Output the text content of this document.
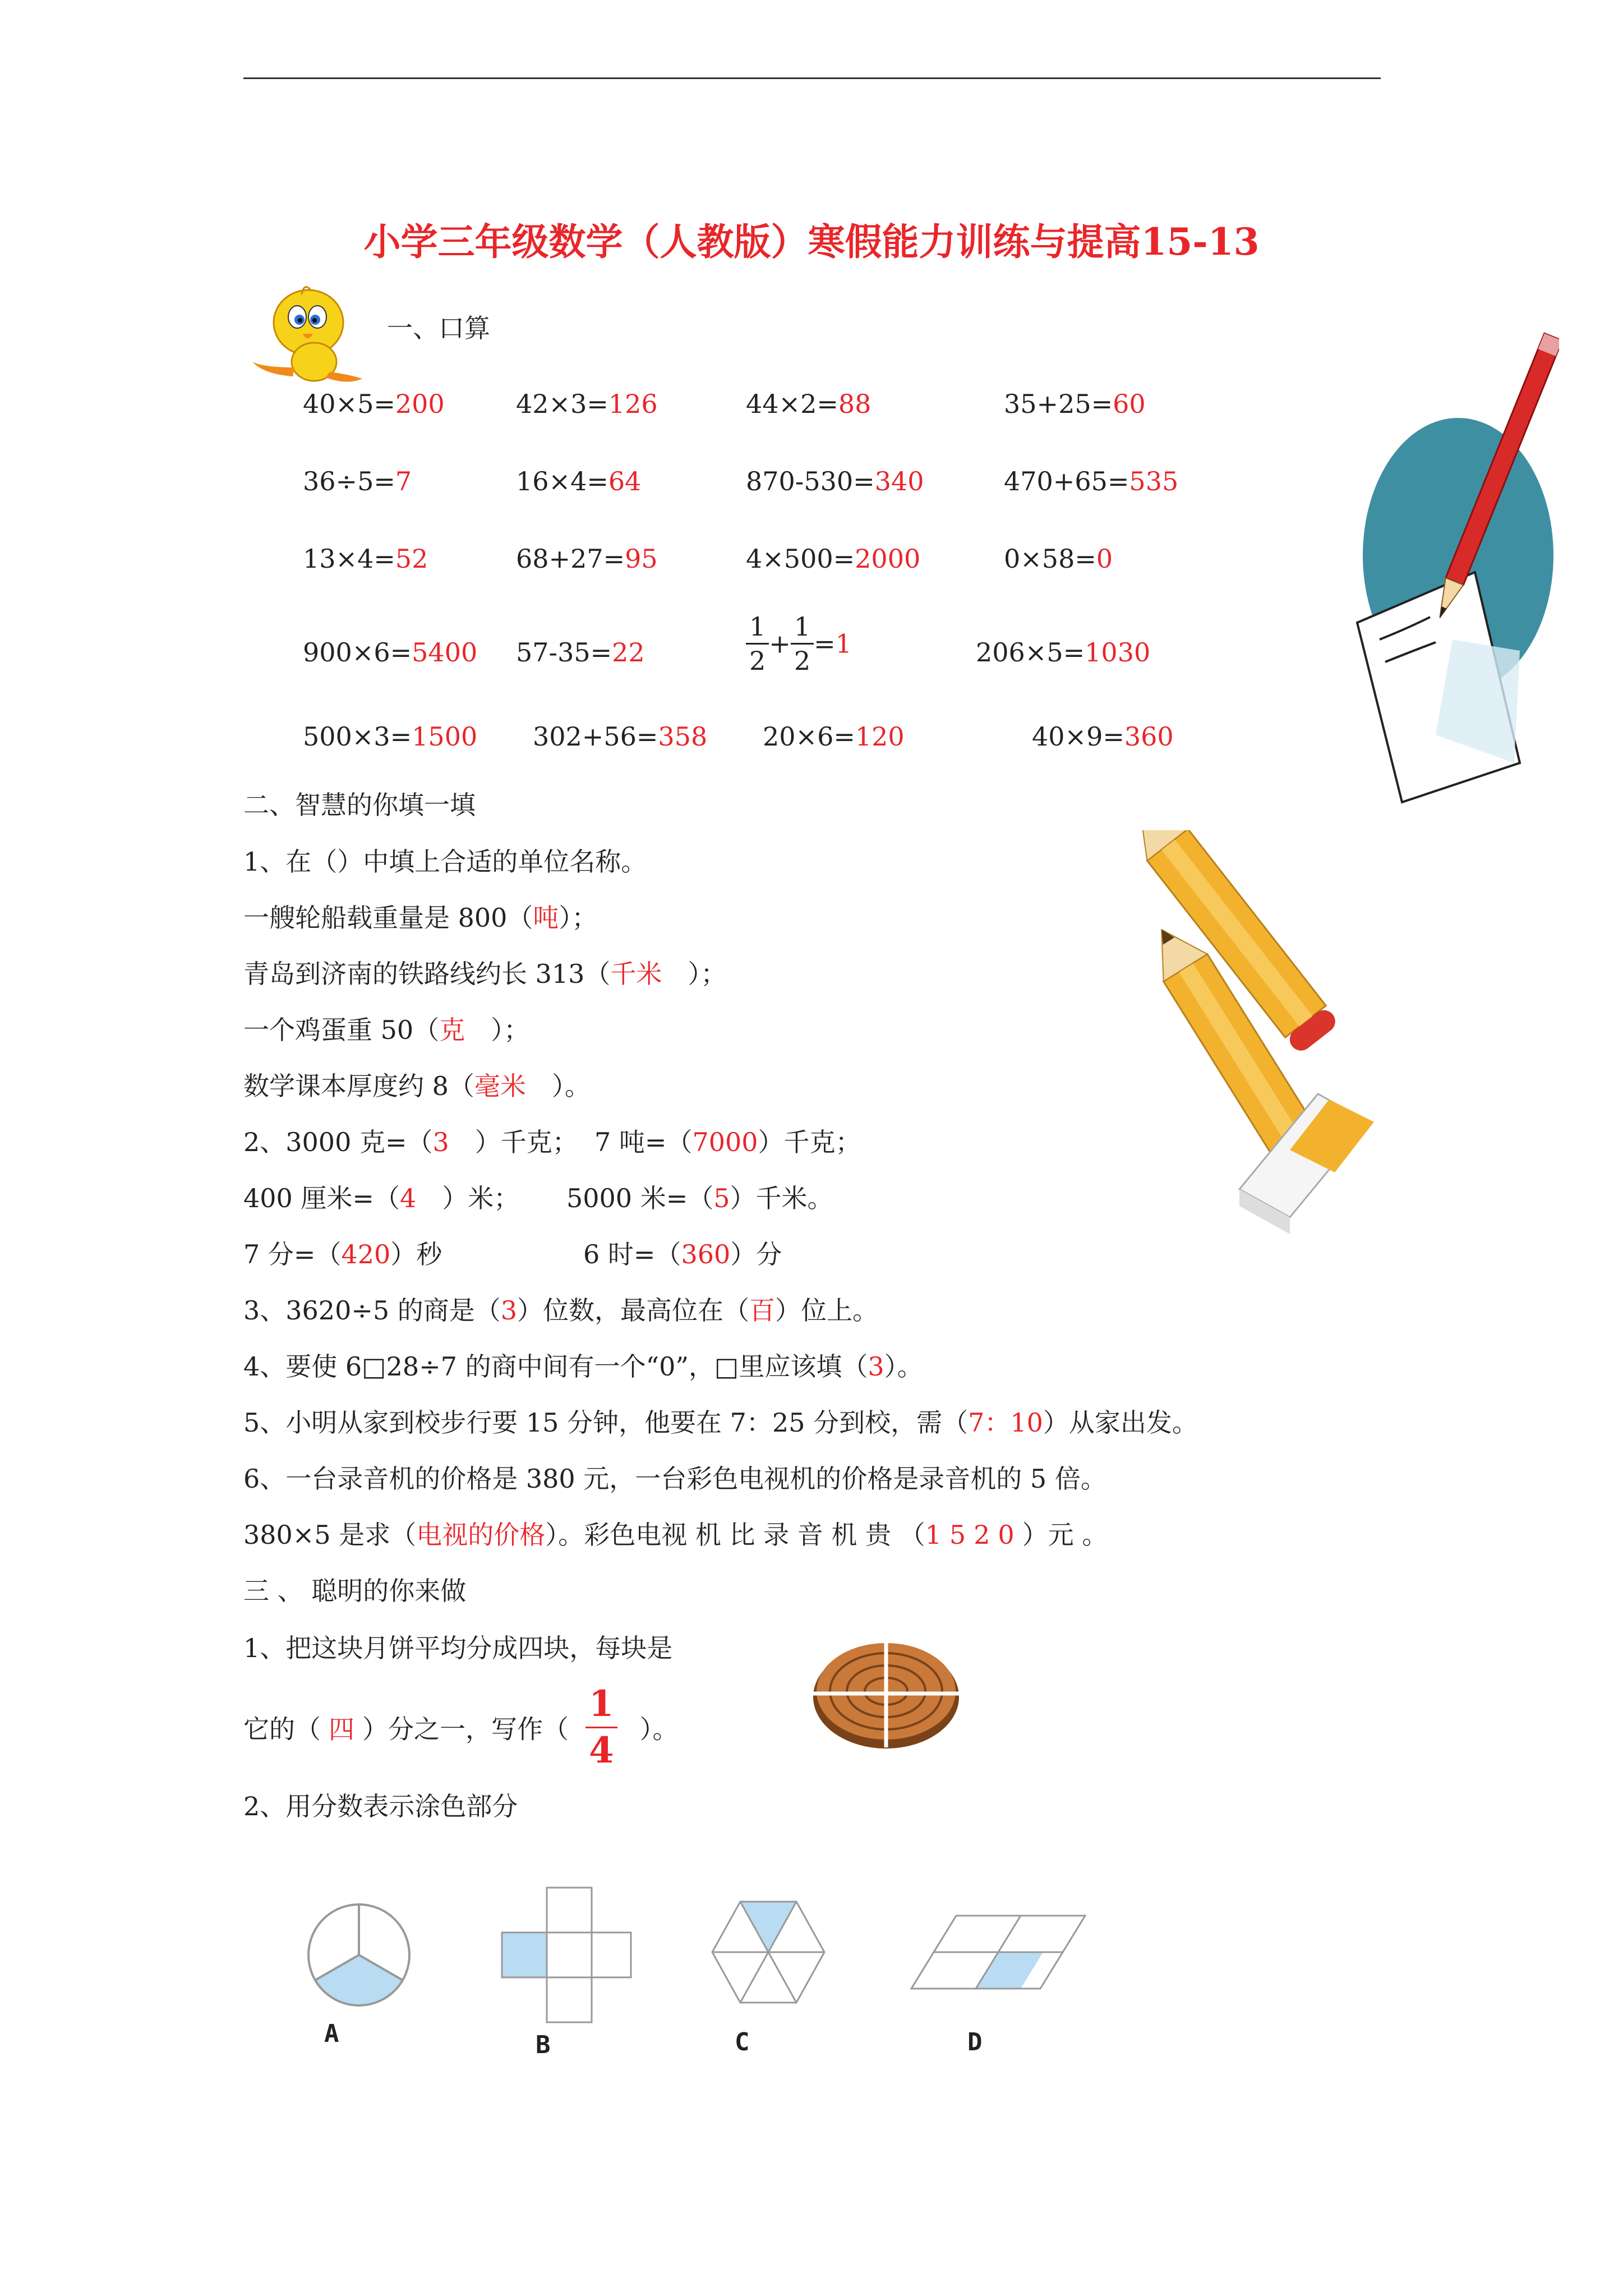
小学三年级数学（人教版）寒假能力训练与提高15-13
一、口算
40×5=200	42×3=126	44×2=88	35+25=60
36÷5=7	16×4=64	870-530=340	470+65=535
13×4=52	68+27=95	4×500=2000	0×58=0
900×6=5400 57-35=22	$\frac{1}{2} + \frac{1}{2} =1$	206×5=1030
500×3=1500 302+56=358 20×6=120	40×9=360
二、智慧的你填一填
1、在（）中填上合适的单位名称。
一艘轮船载重量是 800（吨）；
青岛到济南的铁路线约长 313（千米　）；
一个鸡蛋重 50（克　）；
数学课本厚度约 8（毫米　）。
2、3000 克=（3　）千克； 7 吨=（7000）千克；
400 厘米=（4　）米； 5000 米=（5）千米。
7 分=（420）秒	6 时=（360）分
3、3620÷5 的商是（3）位数，最高位在（百）位上。
4、要使 6□28÷7 的商中间有一个“0”，□里应该填（3）。
5、小明从家到校步行要 15 分钟，他要在 7：25 分到校，需（7：10）从家出发。
6、一台录音机的价格是 380 元，一台彩色电视机的价格是录音机的 5 倍。
380×5 是求（电视的价格）。彩色电视 机 比 录 音 机 贵 （1520）元 。
三 、 聪明的你来做
1、把这块月饼平均分成四块，每块是
它的（ 四 ）分之一，写作（ $\frac{1}{4}$ ）。
2、用分数表示涂色部分
A	B	C	D
